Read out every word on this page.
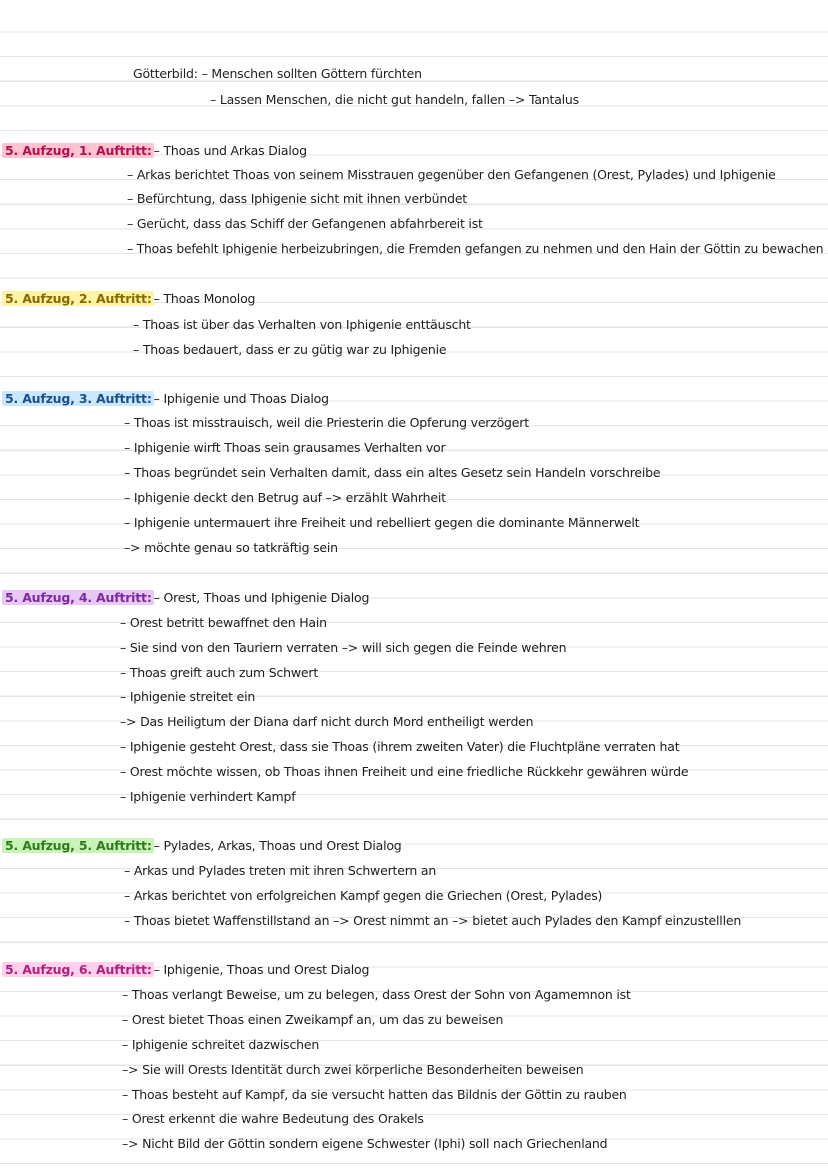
Götterbild: – Menschen sollten Göttern fürchten
– Lassen Menschen, die nicht gut handeln, fallen –> Tantalus
5. Aufzug, 1. Auftritt: – Thoas und Arkas Dialog
– Arkas berichtet Thoas von seinem Misstrauen gegenüber den Gefangenen (Orest, Pylades) und Iphigenie
– Befürchtung, dass Iphigenie sicht mit ihnen verbündet
– Gerücht, dass das Schiff der Gefangenen abfahrbereit ist
– Thoas befehlt Iphigenie herbeizubringen, die Fremden gefangen zu nehmen und den Hain der Göttin zu bewachen
5. Aufzug, 2. Auftritt: – Thoas Monolog
– Thoas ist über das Verhalten von Iphigenie enttäuscht
– Thoas bedauert, dass er zu gütig war zu Iphigenie
5. Aufzug, 3. Auftritt: – Iphigenie und Thoas Dialog
– Thoas ist misstrauisch, weil die Priesterin die Opferung verzögert
– Iphigenie wirft Thoas sein grausames Verhalten vor
– Thoas begründet sein Verhalten damit, dass ein altes Gesetz sein Handeln vorschreibe
– Iphigenie deckt den Betrug auf –> erzählt Wahrheit
– Iphigenie untermauert ihre Freiheit und rebelliert gegen die dominante Männerwelt
–> möchte genau so tatkräftig sein
5. Aufzug, 4. Auftritt: – Orest, Thoas und Iphigenie Dialog
– Orest betritt bewaffnet den Hain
– Sie sind von den Tauriern verraten –> will sich gegen die Feinde wehren
– Thoas greift auch zum Schwert
– Iphigenie streitet ein
–> Das Heiligtum der Diana darf nicht durch Mord entheiligt werden
– Iphigenie gesteht Orest, dass sie Thoas (ihrem zweiten Vater) die Fluchtpläne verraten hat
– Orest möchte wissen, ob Thoas ihnen Freiheit und eine friedliche Rückkehr gewähren würde
– Iphigenie verhindert Kampf
5. Aufzug, 5. Auftritt: – Pylades, Arkas, Thoas und Orest Dialog
– Arkas und Pylades treten mit ihren Schwertern an
– Arkas berichtet von erfolgreichen Kampf gegen die Griechen (Orest, Pylades)
– Thoas bietet Waffenstillstand an –> Orest nimmt an –> bietet auch Pylades den Kampf einzustelllen
5. Aufzug, 6. Auftritt: – Iphigenie, Thoas und Orest Dialog
– Thoas verlangt Beweise, um zu belegen, dass Orest der Sohn von Agamemnon ist
– Orest bietet Thoas einen Zweikampf an, um das zu beweisen
– Iphigenie schreitet dazwischen
–> Sie will Orests Identität durch zwei körperliche Besonderheiten beweisen
– Thoas besteht auf Kampf, da sie versucht hatten das Bildnis der Göttin zu rauben
– Orest erkennt die wahre Bedeutung des Orakels
–> Nicht Bild der Göttin sondern eigene Schwester (Iphi) soll nach Griechenland
